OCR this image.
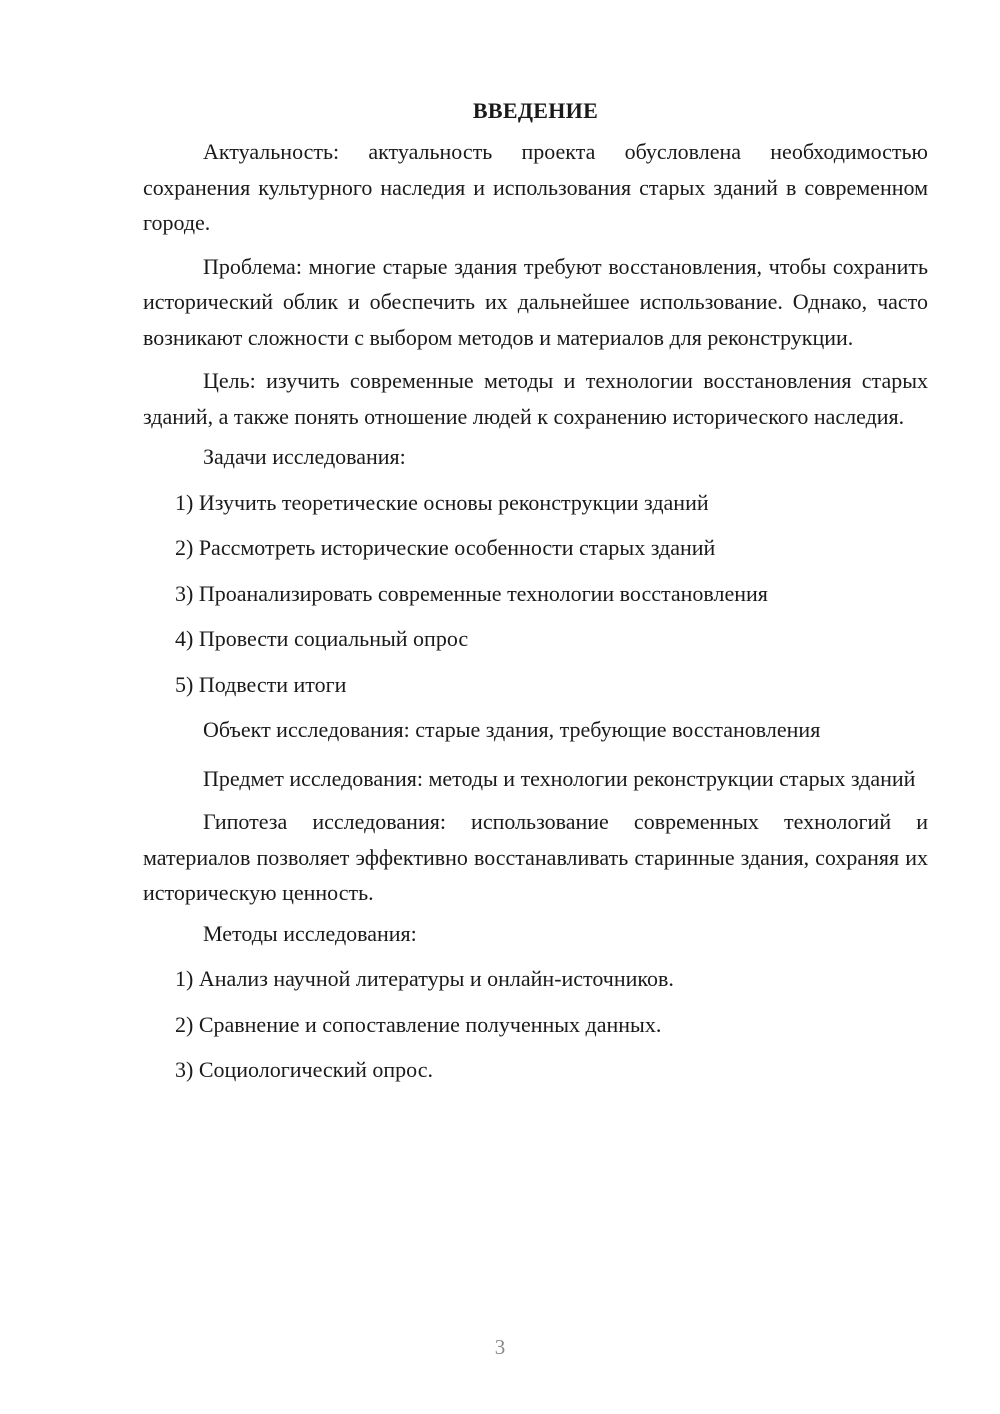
ВВЕДЕНИЕ

Актуальность: актуальность проекта обусловлена необходимостью сохранения культурного наследия и использования старых зданий в современном городе.

Проблема: многие старые здания требуют восстановления, чтобы сохранить исторический облик и обеспечить их дальнейшее использование. Однако, часто возникают сложности с выбором методов и материалов для реконструкции.

Цель: изучить современные методы и технологии восстановления старых зданий, а также понять отношение людей к сохранению исторического наследия.

Задачи исследования:
1) Изучить теоретические основы реконструкции зданий
2) Рассмотреть исторические особенности старых зданий
3) Проанализировать современные технологии восстановления
4) Провести социальный опрос
5) Подвести итоги
Объект исследования: старые здания, требующие восстановления

Предмет исследования: методы и технологии реконструкции старых зданий

Гипотеза исследования: использование современных технологий и материалов позволяет эффективно восстанавливать старинные здания, сохраняя их историческую ценность.

Методы исследования:
1) Анализ научной литературы и онлайн-источников.
2) Сравнение и сопоставление полученных данных.
3) Социологический опрос.
3
